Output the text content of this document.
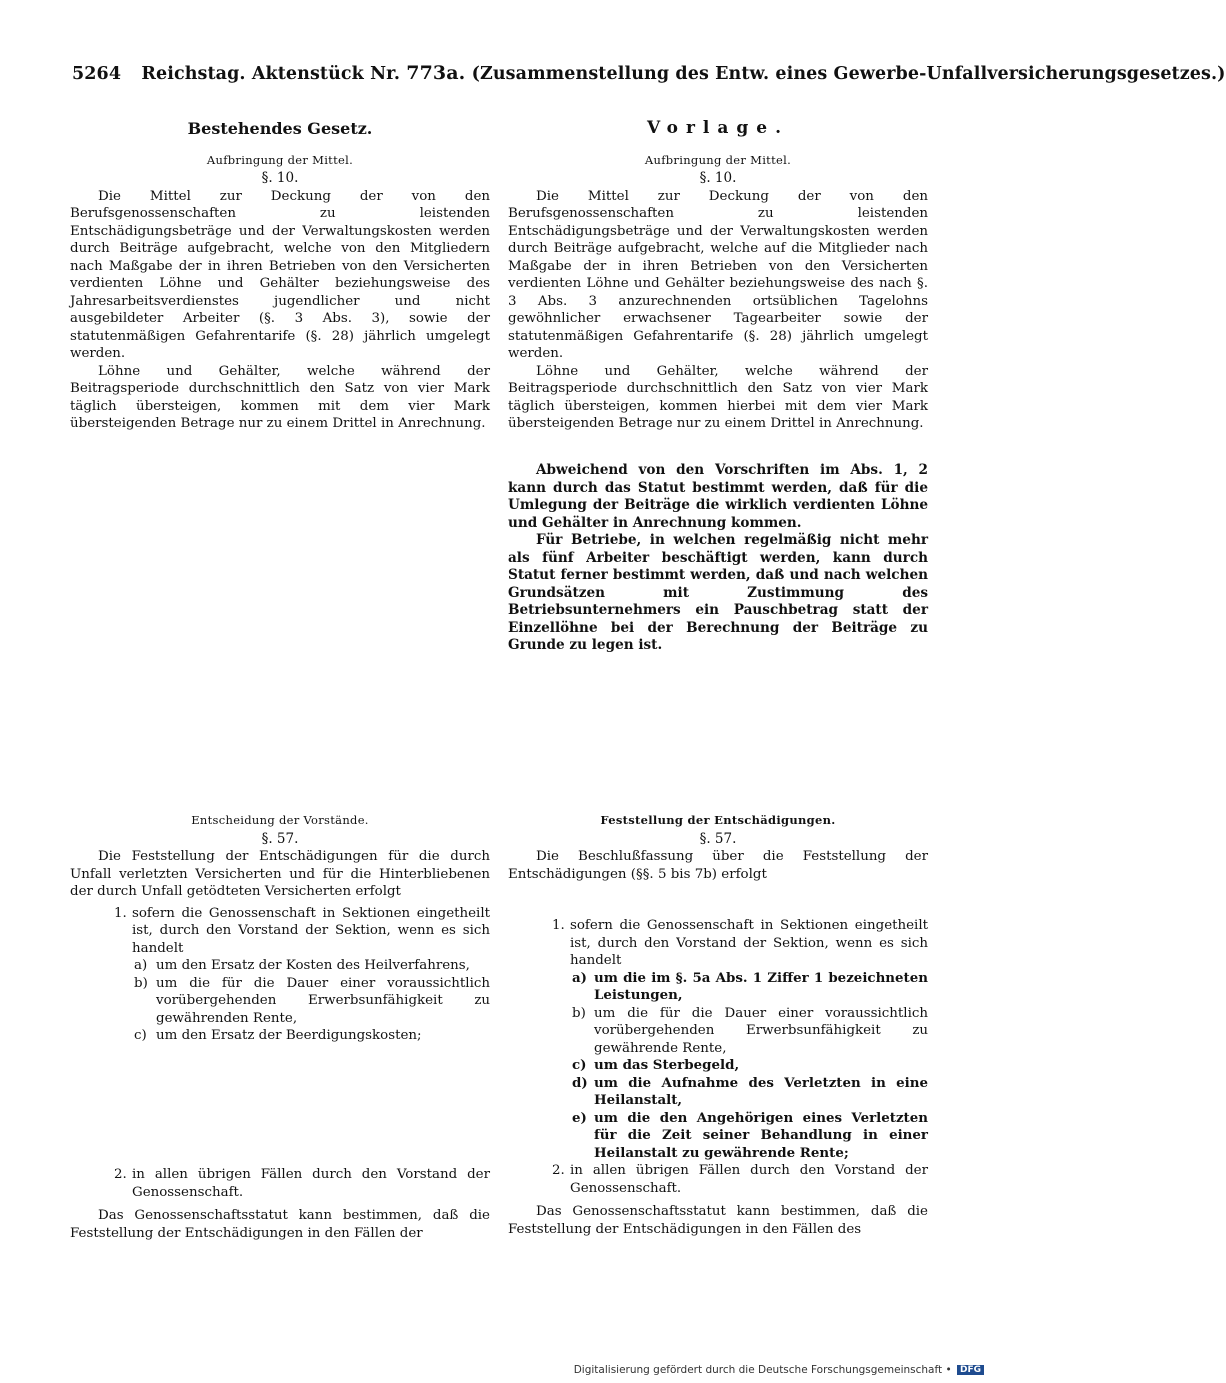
5264 Reichstag. Aktenstück Nr. 773a. (Zusammenstellung des Entw. eines Gewerbe-Unfallversicherungsgesetzes.)
Bestehendes Gesetz.
Aufbringung der Mittel.
§. 10.

Die Mittel zur Deckung der von den Berufsgenossenschaften zu leistenden Entschädigungsbeträge und der Verwaltungskosten werden durch Beiträge aufgebracht, welche von den Mitgliedern nach Maßgabe der in ihren Betrieben von den Versicherten verdienten Löhne und Gehälter beziehungsweise des Jahresarbeitsverdienstes jugendlicher und nicht ausgebildeter Arbeiter (§. 3 Abs. 3), sowie der statutenmäßigen Gefahrentarife (§. 28) jährlich umgelegt werden.

Löhne und Gehälter, welche während der Beitragsperiode durchschnittlich den Satz von vier Mark täglich übersteigen, kommen mit dem vier Mark übersteigenden Betrage nur zu einem Drittel in Anrechnung.

Vorlage.
Aufbringung der Mittel.
§. 10.

Die Mittel zur Deckung der von den Berufsgenossenschaften zu leistenden Entschädigungsbeträge und der Verwaltungskosten werden durch Beiträge aufgebracht, welche auf die Mitglieder nach Maßgabe der in ihren Betrieben von den Versicherten verdienten Löhne und Gehälter beziehungsweise des nach §. 3 Abs. 3 anzurechnenden ortsüblichen Tagelohns gewöhnlicher erwachsener Tagearbeiter sowie der statutenmäßigen Gefahrentarife (§. 28) jährlich umgelegt werden.

Löhne und Gehälter, welche während der Beitragsperiode durchschnittlich den Satz von vier Mark täglich übersteigen, kommen hierbei mit dem vier Mark übersteigenden Betrage nur zu einem Drittel in Anrechnung.

Abweichend von den Vorschriften im Abs. 1, 2 kann durch das Statut bestimmt werden, daß für die Umlegung der Beiträge die wirklich verdienten Löhne und Gehälter in Anrechnung kommen.

Für Betriebe, in welchen regelmäßig nicht mehr als fünf Arbeiter beschäftigt werden, kann durch Statut ferner bestimmt werden, daß und nach welchen Grundsätzen mit Zustimmung des Betriebsunternehmers ein Pauschbetrag statt der Einzellöhne bei der Berechnung der Beiträge zu Grunde zu legen ist.

Entscheidung der Vorstände.
§. 57.

Die Feststellung der Entschädigungen für die durch Unfall verletzten Versicherten und für die Hinterbliebenen der durch Unfall getödteten Versicherten erfolgt

1. sofern die Genossenschaft in Sektionen eingetheilt ist, durch den Vorstand der Sektion, wenn es sich handelt
a) um den Ersatz der Kosten des Heilverfahrens,
b) um die für die Dauer einer voraussichtlich vorübergehenden Erwerbsunfähigkeit zu gewährenden Rente,
c) um den Ersatz der Beerdigungskosten;
2. in allen übrigen Fällen durch den Vorstand der Genossenschaft.

Das Genossenschaftsstatut kann bestimmen, daß die Feststellung der Entschädigungen in den Fällen der

Feststellung der Entschädigungen.
§. 57.

Die Beschlußfassung über die Feststellung der Entschädigungen (§§. 5 bis 7b) erfolgt

1. sofern die Genossenschaft in Sektionen eingetheilt ist, durch den Vorstand der Sektion, wenn es sich handelt
a) um die im §. 5a Abs. 1 Ziffer 1 bezeichneten Leistungen,
b) um die für die Dauer einer voraussichtlich vorübergehenden Erwerbsunfähigkeit zu gewährende Rente,
c) um das Sterbegeld,
d) um die Aufnahme des Verletzten in eine Heilanstalt,
e) um die den Angehörigen eines Verletzten für die Zeit seiner Behandlung in einer Heilanstalt zu gewährende Rente;
2. in allen übrigen Fällen durch den Vorstand der Genossenschaft.

Das Genossenschaftsstatut kann bestimmen, daß die Feststellung der Entschädigungen in den Fällen des

Digitalisierung gefördert durch die Deutsche Forschungsgemeinschaft • DFG
